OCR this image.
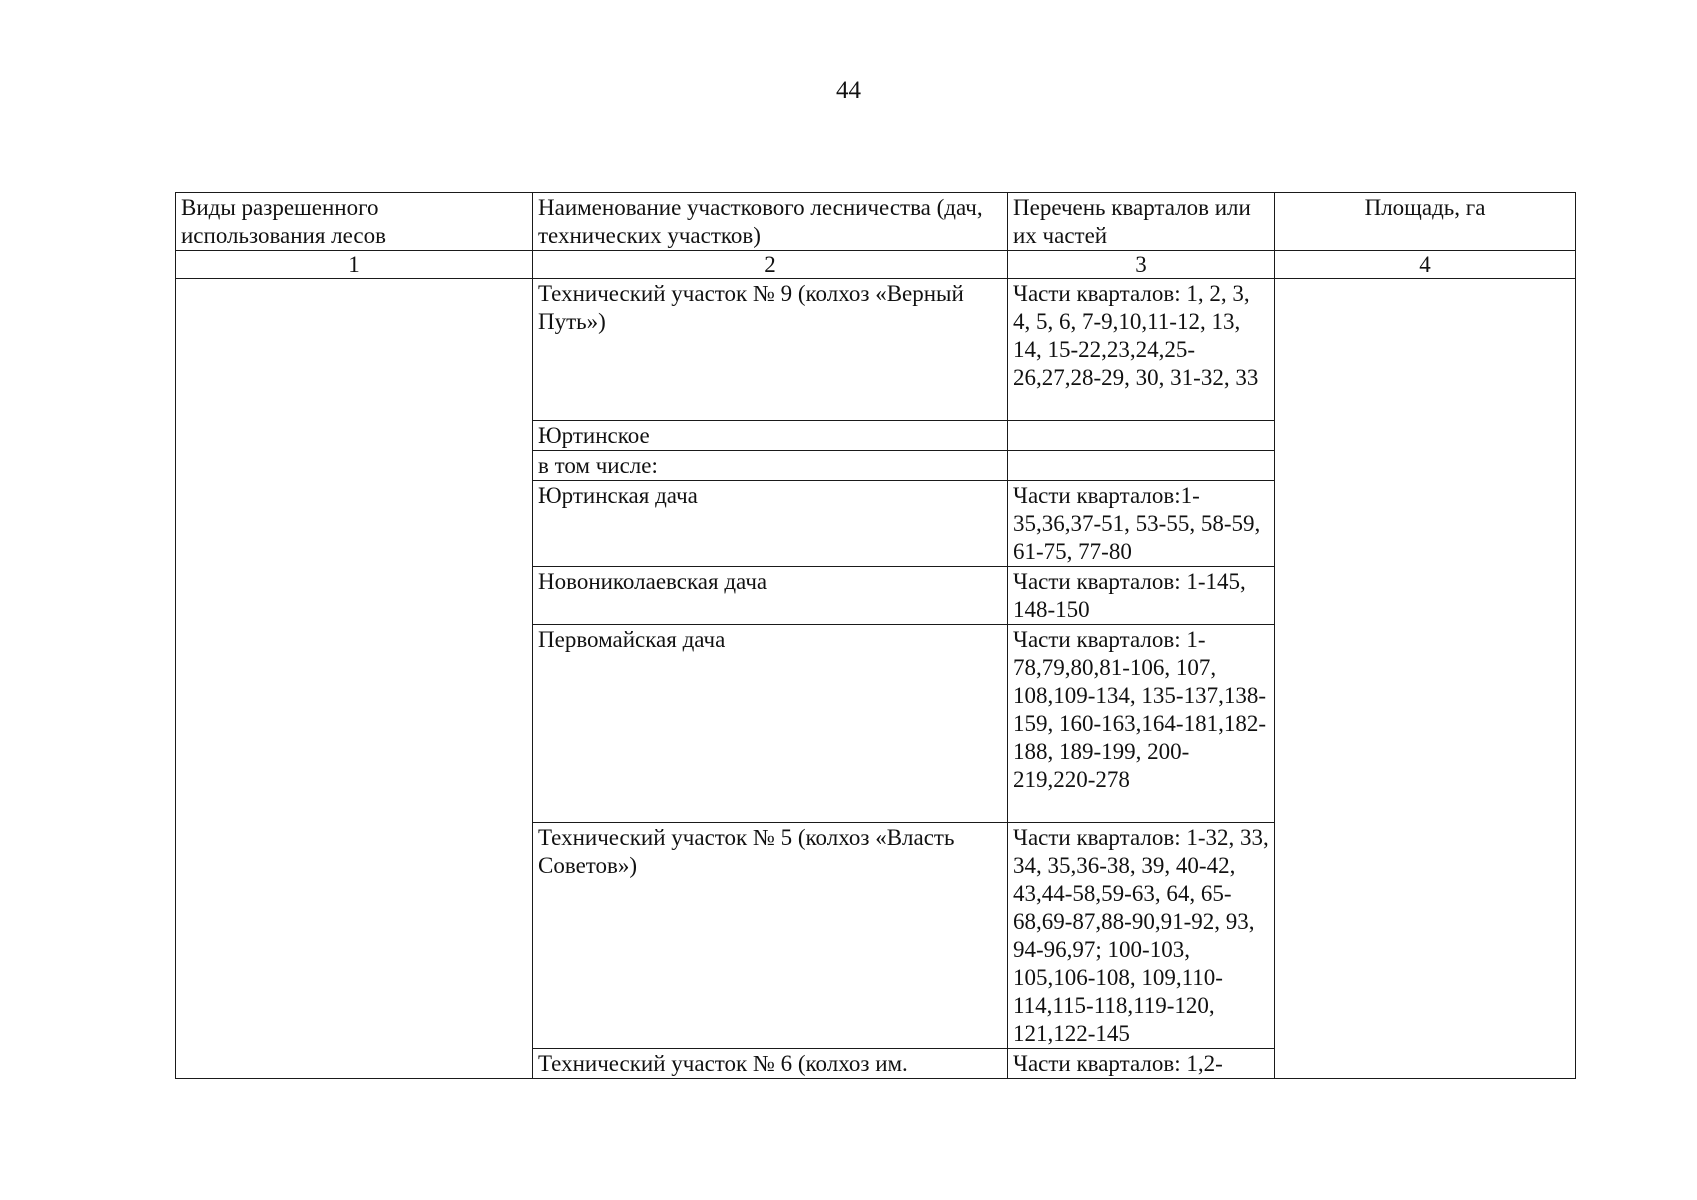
44
Виды разрешенного использования лесов	Наименование участкового лесничества (дач, технических участков)	Перечень кварталов или их частей	Площадь, га
1	2	3	4
	Технический участок № 9 (колхоз «Верный Путь»)	Части кварталов: 1, 2, 3, 4, 5, 6, 7-9,10,11-12, 13, 14, 15-22,23,24,25-26,27,28-29, 30, 31-32, 33	
	Юртинское		
	в том числе:		
	Юртинская дача	Части кварталов:1-35,36,37-51, 53-55, 58-59, 61-75, 77-80	
	Новониколаевская дача	Части кварталов: 1-145, 148-150	
	Первомайская дача	Части кварталов: 1-78,79,80,81-106, 107, 108,109-134, 135-137,138-159, 160-163,164-181,182-188, 189-199, 200-219,220-278	
	Технический участок № 5 (колхоз «Власть Советов»)	Части кварталов: 1-32, 33, 34, 35,36-38, 39, 40-42, 43,44-58,59-63, 64, 65-68,69-87,88-90,91-92, 93, 94-96,97; 100-103, 105,106-108, 109,110-114,115-118,119-120, 121,122-145	
	Технический участок № 6 (колхоз им.	Части кварталов: 1,2-	
